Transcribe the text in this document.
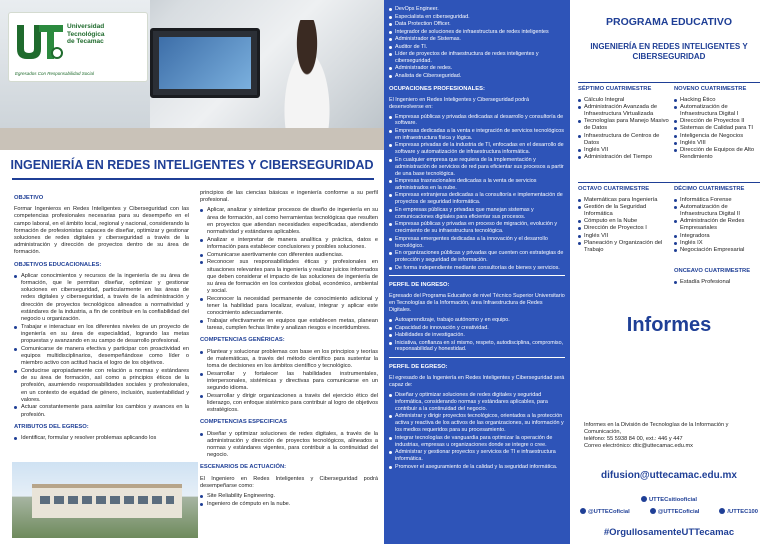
Universidad
Tecnológica
de Tecamac
Egresados Con Responsabilidad Social
INGENIERÍA EN REDES INTELIGENTES Y CIBERSEGURIDAD
OBJETIVO

Formar Ingenieros en Redes Inteligentes y Ciberseguridad con las competencias profesionales necesarias para su desempeño en el campo laboral, en el ámbito local, regional y nacional, considerando la formación de profesionistas capaces de diseñar, optimizar y gestionar soluciones de redes digitales y ciberseguridad a través de la administración y dirección de proyectos dentro de su área de formación.

OBJETIVOS EDUCACIONALES:
Aplicar conocimientos y recursos de la ingeniería de su área de formación, que le permitan diseñar, optimizar y gestionar soluciones en ciberseguridad, particularmente en las áreas de redes digitales y ciberseguridad, a través de la administración y dirección de proyectos tecnológicos alineados a normatividad y estándares de la industria, a fin de contribuir en la confiabilidad del negocio u organización.
Trabajar e interactuar en los diferentes niveles de un proyecto de ingeniería en su área de especialidad, logrando las metas propuestas y avanzando en su campo de desarrollo profesional.
Comunicarse de manera efectiva y participar con proactividad en equipos multidisciplinarios, desempeñándose como líder o miembro activo con actitud hacia el logro de los objetivos.
Conducirse apropiadamente con relación a normas y estándares de su área de formación, así como a principios éticos de la profesión, asumiendo responsabilidades sociales y profesionales, en un contexto de equidad de género, inclusión, sustentabilidad y valores.
Actuar constantemente para asimilar los cambios y avances en la profesión.
ATRIBUTOS DEL EGRESO:
Identificar, formular y resolver problemas aplicando los

principios de las ciencias básicas e ingeniería conforme a su perfil profesional.

Aplicar, analizar y sintetizar procesos de diseño de ingeniería en su área de formación, así como herramientas tecnológicas que resulten en proyectos que atiendan necesidades especificadas, atendiendo normatividad y estándares aplicables.
Analizar e interpretar de manera analítica y práctica, datos e información para establecer conclusiones y posibles soluciones.
Comunicarse asertivamente con diferentes audiencias.
Reconocer sus responsabilidades éticas y profesionales en situaciones relevantes para la ingeniería y realizar juicios informados que deben considerar el impacto de las soluciones de ingeniería de su área de formación en los contextos global, económico, ambiental y social.
Reconocer la necesidad permanente de conocimiento adicional y tener la habilidad para localizar, evaluar, integrar y aplicar este conocimiento adecuadamente.
Trabajar efectivamente en equipos que establecen metas, planean tareas, cumplen fechas límite y analizan riesgos e incertidumbres.
COMPETENCIAS GENÉRICAS:
Plantear y solucionar problemas con base en los principios y teorías de matemáticas, a través del método científico para sustentar la toma de decisiones en los ámbitos científico y tecnológico.
Desarrollar y fortalecer las habilidades instrumentales, interpersonales, sistémicas y directivas para comunicarse en un segundo idioma.
Desarrollar y dirigir organizaciones a través del ejercicio ético del liderazgo, con enfoque sistémico para contribuir al logro de objetivos estratégicos.
COMPETENCIAS ESPECIFICAS
Diseñar y optimizar soluciones de redes digitales, a través de la administración y dirección de proyectos tecnológicos, alineados a normas y estándares vigentes, para contribuir a la continuidad del negocio.
ESCENARIOS DE ACTUACIÓN:

El Ingeniero en Redes Inteligentes y Ciberseguridad podrá desempeñarse como:

Site Reliability Engineering.
Ingeniero de cómputo en la nube.
DevOps Engineer.
Especialista en ciberseguridad.
Data Protection Officer.
Integrador de soluciones de infraestructura de redes inteligentes
Administrador de Sistemas.
Auditor de TI.
Líder de proyectos de infraestructura de redes inteligentes y ciberseguridad.
Administrador de redes.
Analista de Ciberseguridad.
OCUPACIONES PROFESIONALES:

El Ingeniero en Redes Inteligentes y Ciberseguridad podrá desenvolverse en:

Empresas públicas y privadas dedicadas al desarrollo y consultoría de software.
Empresas dedicadas a la venta e integración de servicios tecnológicos en infraestructura física y lógica.
Empresas privadas de la industria de TI, enfocadas en el desarrollo de software y automatización de infraestructura informática.
En cualquier empresa que requiera de la implementación y administración de servicios de red para eficientar sus procesos a partir de una base tecnológica.
Empresas trasnacionales dedicadas a la venta de servicios administrados en la nube.
Empresas extranjeras dedicadas a la consultoría e implementación de proyectos de seguridad informática.
En empresas públicas y privadas que manejan sistemas y comunicaciones digitales para eficientar sus procesos.
Empresas públicas y privadas en proceso de migración, evolución y crecimiento de su infraestructura tecnológica.
Empresas emergentes dedicadas a la innovación y el desarrollo tecnológico.
En organizaciones públicas y privadas que cuenten con estrategias de protección y seguridad de información.
De forma independiente mediante consultorías de bienes y servicios.
PERFIL DE INGRESO:

Egresado del Programa Educativo de nivel Técnico Superior Universitario en Tecnologías de la Información, área Infraestructura de Redes Digitales.

Autoaprendizaje, trabajo autónomo y en equipo.
Capacidad de innovación y creatividad.
Habilidades de investigación.
Iniciativa, confianza en sí mismo, respeto, autodisciplina, compromiso, responsabilidad y honestidad.
PERFIL DE EGRESO:

El egresado de la Ingeniería en Redes Inteligentes y Ciberseguridad será capaz de:

Diseñar y optimizar soluciones de redes digitales y seguridad informática, considerando normas y estándares aplicables, para contribuir a la continuidad del negocio.
Administrar y dirigir proyectos tecnológicos, orientados a la protección activa y reactiva de los activos de las organizaciones, su información y los medios requeridos para su procesamiento.
Integrar tecnologías de vanguardia para optimizar la operación de industrias, empresas u organizaciones donde se integre o cree.
Administrar y gestionar proyectos y servicios de TI e infraestructura informática.
Promover el aseguramiento de la calidad y la seguridad informática.
PROGRAMA EDUCATIVO
INGENIERÍA EN REDES INTELIGENTES Y CIBERSEGURIDAD
SÉPTIMO CUATRIMESTRE
Cálculo Integral
Administración Avanzada de Infraestructura Virtualizada
Tecnologías para Manejo Masivo de Datos
Infraestructura de Centros de Datos
Inglés VII
Administración del Tiempo
NOVENO CUATRIMESTRE
Hacking Ético
Automatización de Infraestructura Digital I
Dirección de Proyectos II
Sistemas de Calidad para TI
Inteligencia de Negocios
Inglés VIII
Dirección de Equipos de Alto Rendimiento
OCTAVO CUATRIMESTRE
Matemáticas para Ingeniería
Gestión de la Seguridad Informática
Cómputo en la Nube
Dirección de Proyectos I
Inglés VII
Planeación y Organización del Trabajo
DÉCIMO CUATRIMESTRE
Informática Forense
Automatización de Infraestructura Digital II
Administración de Redes Empresariales
Integradora
Inglés IX
Negociación Empresarial
ONCEAVO CUATRIMESTRE
Estadía Profesional
Informes
Informes en la División de Tecnologías de la Información y Comunicación,
teléfono: 55 5938 84 00, ext.: 446 y 447
Correo electrónico: dtic@uttecamac.edu.mx
difusion@uttecamac.edu.mx
UTTECsitiooficial
@UTTECoficial	@UTTECoficial	/UTTEC100
#OrgullosamenteUTTecamac
